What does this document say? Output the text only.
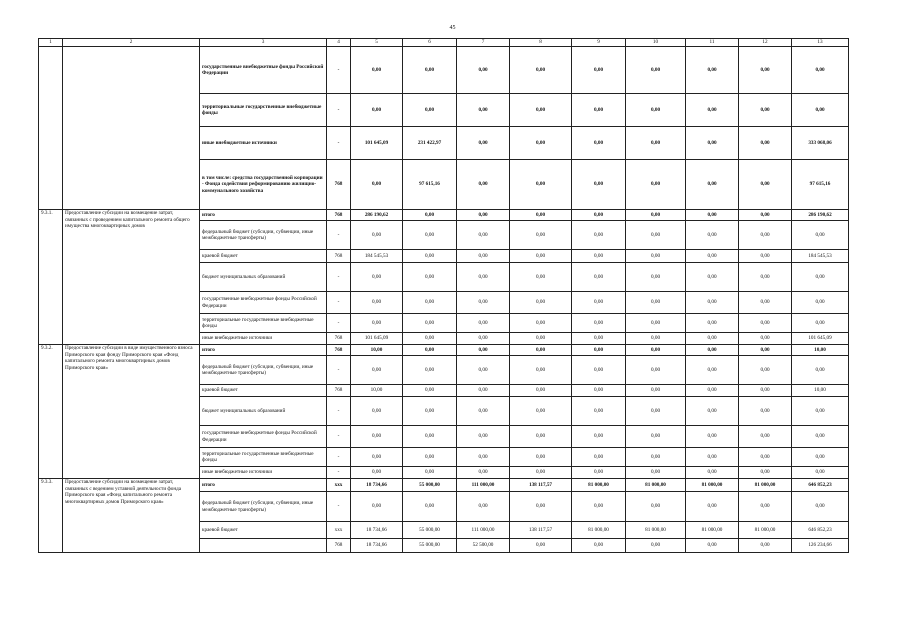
45
1	2	3	4	5	6	7	8	9	10	11	12	13
		государственные внебюджетные фонды Российской Федерации	-	0,00	0,00	0,00	0,00	0,00	0,00	0,00	0,00	0,00
		территориальные государственные внебюджетные фонды	-	0,00	0,00	0,00	0,00	0,00	0,00	0,00	0,00	0,00
		иные внебюджетные источники	-	101 645,09	231 422,97	0,00	0,00	0,00	0,00	0,00	0,00	333 068,06
		в том числе: средства государственной корпорации - Фонда содействия реформированию жилищно-коммунального хозяйства	768	0,00	97 615,16	0,00	0,00	0,00	0,00	0,00	0,00	97 615,16
9.3.1.	Предоставление субсидии на возмещение затрат, связанных с проведением капитального ремонта общего имущества многоквартирных домов	итого	768	286 190,62	0,00	0,00	0,00	0,00	0,00	0,00	0,00	286 190,62
		федеральный бюджет (субсидии, субвенции, иные межбюджетные трансферты)	-	0,00	0,00	0,00	0,00	0,00	0,00	0,00	0,00	0,00
		краевой бюджет	768	184 545,53	0,00	0,00	0,00	0,00	0,00	0,00	0,00	184 545,53
		бюджет муниципальных образований	-	0,00	0,00	0,00	0,00	0,00	0,00	0,00	0,00	0,00
		государственные внебюджетные фонды Российской Федерации	-	0,00	0,00	0,00	0,00	0,00	0,00	0,00	0,00	0,00
		территориальные государственные внебюджетные фонды	-	0,00	0,00	0,00	0,00	0,00	0,00	0,00	0,00	0,00
		иные внебюджетные источники	768	101 645,09	0,00	0,00	0,00	0,00	0,00	0,00	0,00	101 645,09
9.3.2.	Предоставление субсидии в виде имущественного взноса Приморского края фонду Приморского края «Фонд капитального ремонта многоквартирных домов Приморского края»	итого	768	10,00	0,00	0,00	0,00	0,00	0,00	0,00	0,00	10,00
		федеральный бюджет (субсидии, субвенции, иные межбюджетные трансферты)	-	0,00	0,00	0,00	0,00	0,00	0,00	0,00	0,00	0,00
		краевой бюджет	768	10,00	0,00	0,00	0,00	0,00	0,00	0,00	0,00	10,00
		бюджет муниципальных образований	-	0,00	0,00	0,00	0,00	0,00	0,00	0,00	0,00	0,00
		государственные внебюджетные фонды Российской Федерации	-	0,00	0,00	0,00	0,00	0,00	0,00	0,00	0,00	0,00
		территориальные государственные внебюджетные фонды	-	0,00	0,00	0,00	0,00	0,00	0,00	0,00	0,00	0,00
		иные внебюджетные источники	-	0,00	0,00	0,00	0,00	0,00	0,00	0,00	0,00	0,00
9.3.3.	Предоставление субсидии на возмещение затрат, связанных с ведением уставной деятельности фонда Приморского края «Фонд капитального ремонта многоквартирных домов Приморского края»	итого	xxx	18 734,66	55 000,00	111 000,00	138 117,57	81 000,00	81 000,00	81 000,00	81 000,00	646 852,23
		федеральный бюджет (субсидии, субвенции, иные межбюджетные трансферты)	-	0,00	0,00	0,00	0,00	0,00	0,00	0,00	0,00	0,00
		краевой бюджет	xxx	18 734,66	55 000,00	111 000,00	138 117,57	81 000,00	81 000,00	81 000,00	81 000,00	646 852,23
			768	18 734,66	55 000,00	52 500,00	0,00	0,00	0,00	0,00	0,00	126 234,66
